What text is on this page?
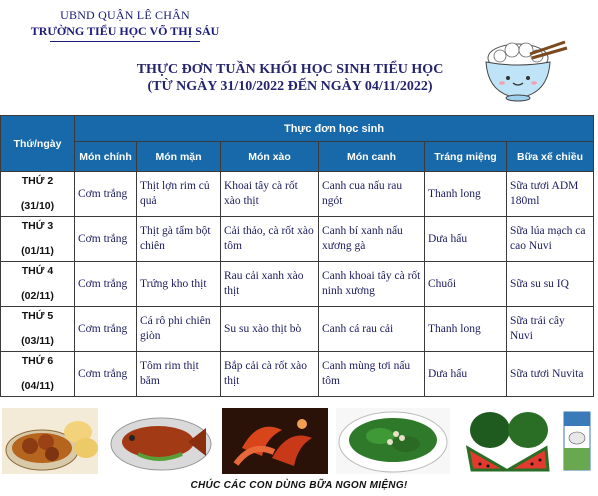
UBND QUẬN LÊ CHÂN
TRƯỜNG TIỂU HỌC VÕ THỊ SÁU
THỰC ĐƠN TUẦN KHỐI HỌC SINH TIỂU HỌC
(TỪ NGÀY 31/10/2022 ĐẾN NGÀY 04/11/2022)
Thứ/ngày	Thực đơn học sinh					
	Món chính	Món mặn	Món xào	Món canh	Tráng miệng	Bữa xế chiều

THỨ 2
(31/10)	Cơm trắng	Thịt lợn rim củ quả	Khoai tây cà rốt xào thịt	Canh cua nấu rau ngót	Thanh long	Sữa tươi ADM 180ml

THỨ 3
(01/11)	Cơm trắng	Thịt gà tẩm bột chiên	Cải thảo, cà rốt xào tôm	Canh bí xanh nấu xương gà	Dưa hấu	Sữa lúa mạch ca cao Nuvi

THỨ 4
(02/11)	Cơm trắng	Trứng kho thịt	Rau cải xanh xào thịt	Canh khoai tây cà rốt ninh xương	Chuối	Sữa su su IQ

THỨ 5
(03/11)	Cơm trắng	Cá rô phi chiên giòn	Su su xào thịt bò	Canh cá rau cải	Thanh long	Sữa trái cây Nuvi

THỨ 6
(04/11)	Cơm trắng	Tôm rim thịt băm	Bắp cải cà rốt xào thịt	Canh mùng tơi nấu tôm	Dưa hấu	Sữa tươi Nuvita
CHÚC CÁC CON DÙNG BỮA NGON MIỆNG!
